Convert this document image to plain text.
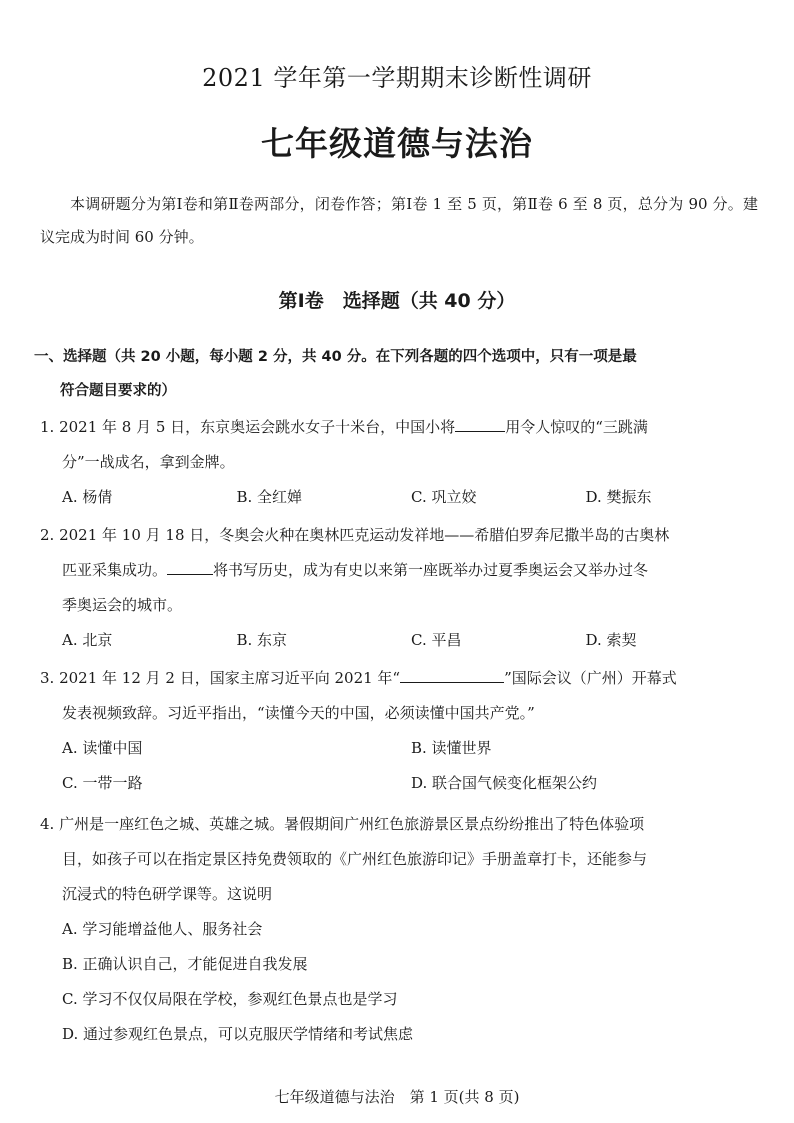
2021 学年第一学期期末诊断性调研
七年级道德与法治
本调研题分为第Ⅰ卷和第Ⅱ卷两部分，闭卷作答；第Ⅰ卷 1 至 5 页，第Ⅱ卷 6 至 8 页，总分为 90 分。建议完成为时间 60 分钟。
第Ⅰ卷　选择题（共 40 分）
一、选择题（共 20 小题，每小题 2 分，共 40 分。在下列各题的四个选项中，只有一项是最
符合题目要求的）
1. 2021 年 8 月 5 日，东京奥运会跳水女子十米台，中国小将	用令人惊叹的“三跳满
分”一战成名，拿到金牌。
A. 杨倩	B. 全红婵	C. 巩立姣	D. 樊振东
2. 2021 年 10 月 18 日，冬奥会火种在奥林匹克运动发祥地——希腊伯罗奔尼撒半岛的古奥林
匹亚采集成功。	将书写历史，成为有史以来第一座既举办过夏季奥运会又举办过冬
季奥运会的城市。
A. 北京	B. 东京	C. 平昌	D. 索契
3. 2021 年 12 月 2 日，国家主席习近平向 2021 年“	”国际会议（广州）开幕式
发表视频致辞。习近平指出，“读懂今天的中国，必须读懂中国共产党。”
A. 读懂中国	B. 读懂世界
C. 一带一路	D. 联合国气候变化框架公约
4. 广州是一座红色之城、英雄之城。暑假期间广州红色旅游景区景点纷纷推出了特色体验项
目，如孩子可以在指定景区持免费领取的《广州红色旅游印记》手册盖章打卡，还能参与
沉浸式的特色研学课等。这说明
A. 学习能增益他人、服务社会
B. 正确认识自己，才能促进自我发展
C. 学习不仅仅局限在学校，参观红色景点也是学习
D. 通过参观红色景点，可以克服厌学情绪和考试焦虑
七年级道德与法治　第 1 页(共 8 页)
